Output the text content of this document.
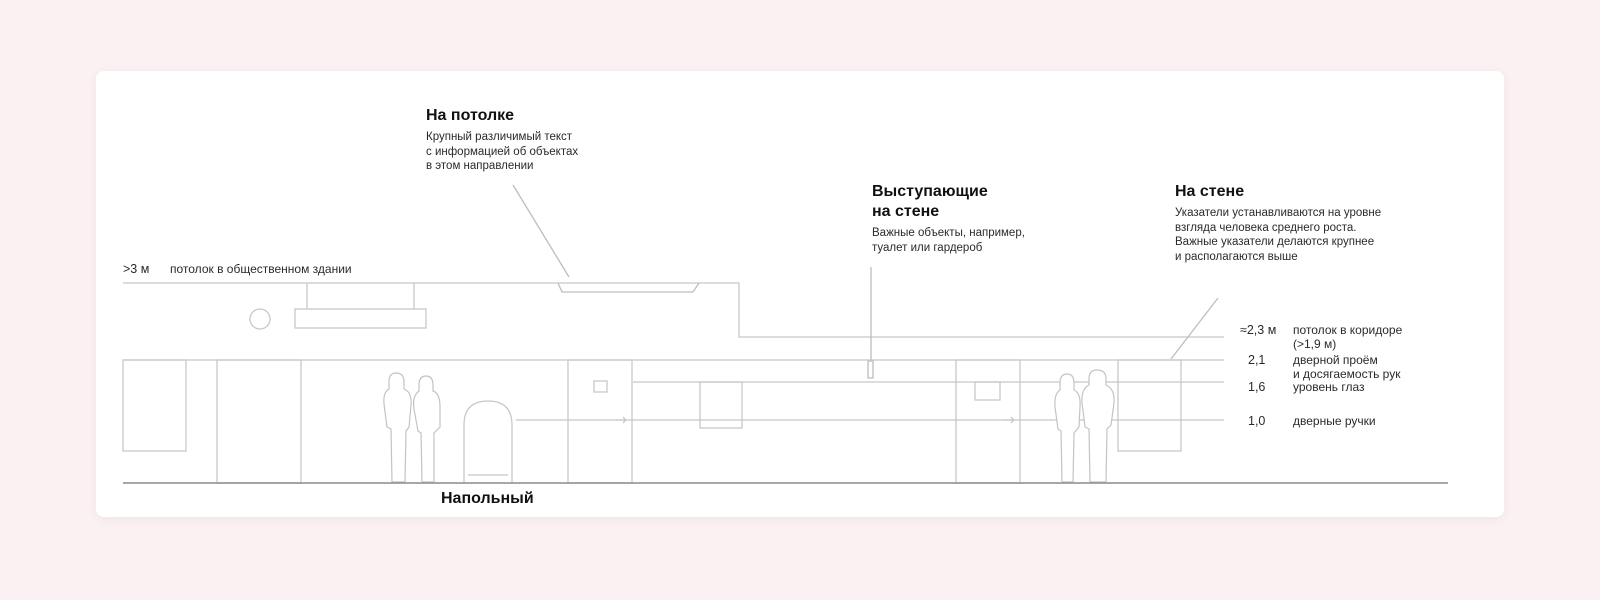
На потолке

Крупный различимый текст
с информацией об объектах
в этом направлении

Выступающие
на стене

Важные объекты, например,
туалет или гардероб

На стене

Указатели устанавливаются на уровне
взгляда человека среднего роста.
Важные указатели делаются крупнее
и располагаются выше

>3 м потолок в общественном здании
≈2,3 м потолок в коридоре
(>1,9 м)
2,1 дверной проём
и досягаемость рук
1,6 уровень глаз
1,0 дверные ручки
Напольный
